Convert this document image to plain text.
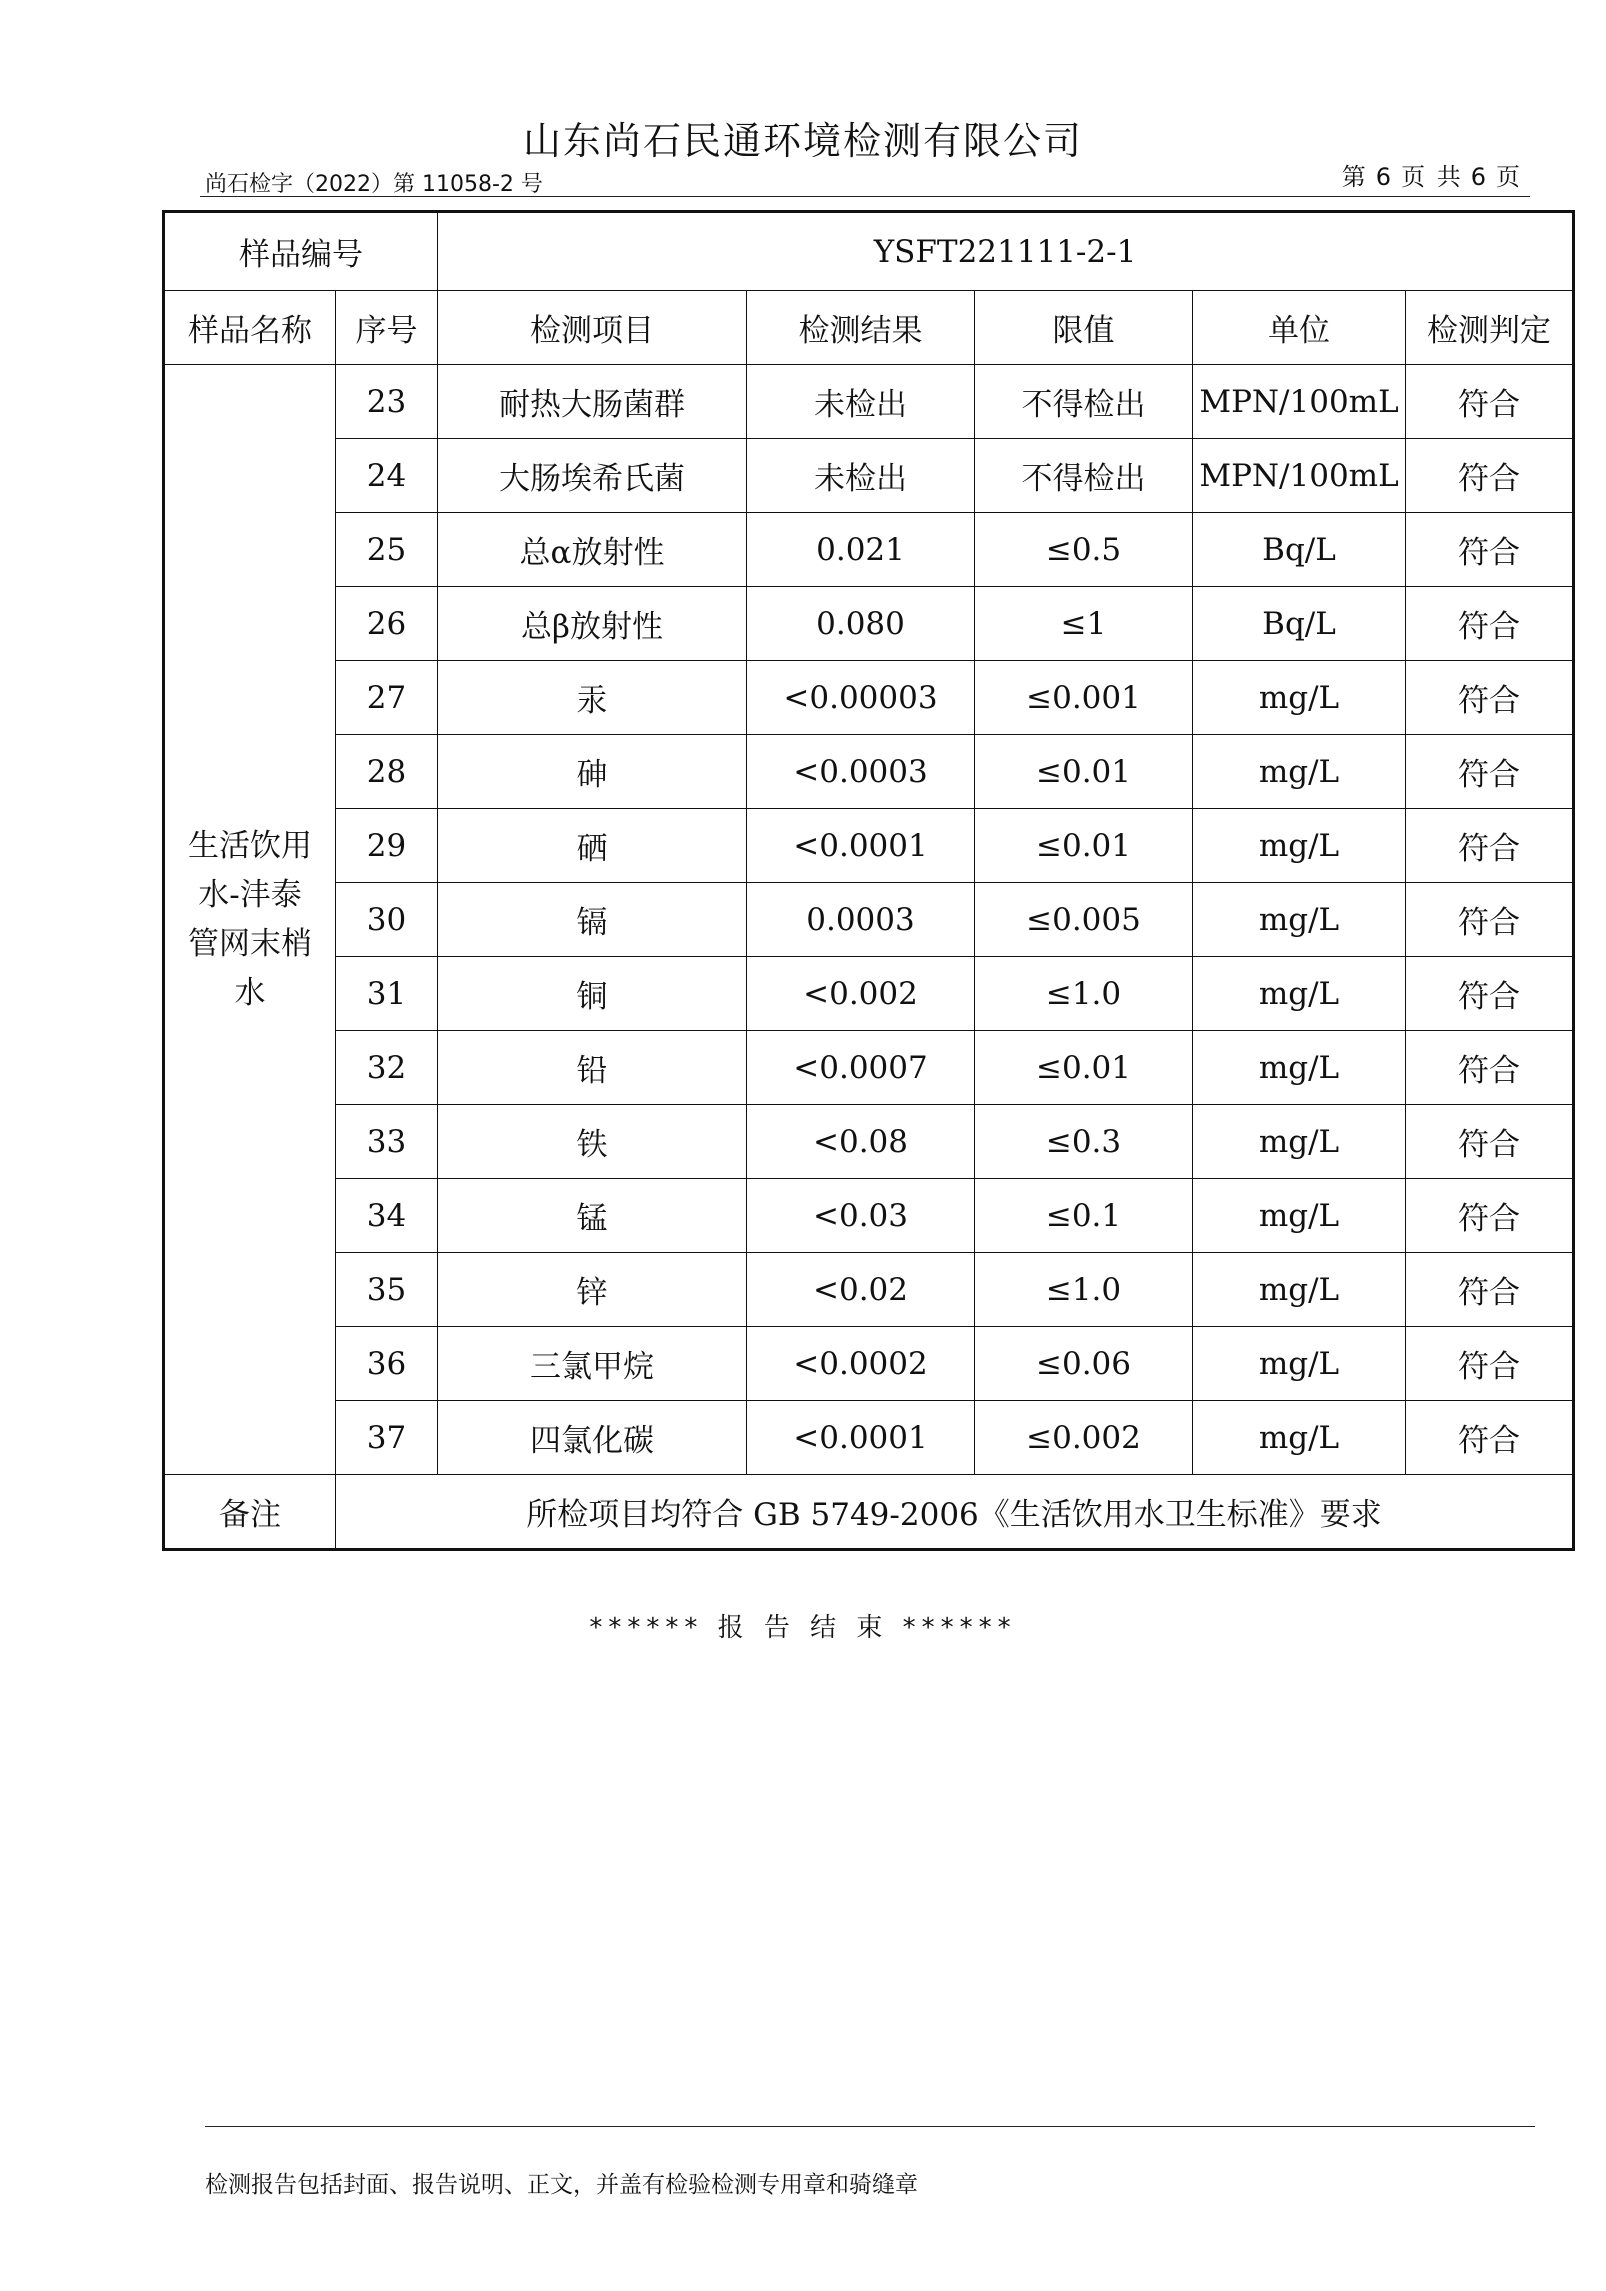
山东尚石民通环境检测有限公司
尚石检字（2022）第 11058-2 号	第 6 页 共 6 页
样品编号		YSFT221111-2-1				
样品名称	序号	检测项目	检测结果	限值	单位	检测判定

生活饮用
水-沣泰
管网末梢
水	23	耐热大肠菌群	未检出	不得检出	MPN/100mL	符合
	24	大肠埃希氏菌	未检出	不得检出	MPN/100mL	符合
	25	总α放射性	0.021	≤0.5	Bq/L	符合
	26	总β放射性	0.080	≤1	Bq/L	符合
	27	汞	<0.00003	≤0.001	mg/L	符合
	28	砷	<0.0003	≤0.01	mg/L	符合
	29	硒	<0.0001	≤0.01	mg/L	符合
	30	镉	0.0003	≤0.005	mg/L	符合
	31	铜	<0.002	≤1.0	mg/L	符合
	32	铅	<0.0007	≤0.01	mg/L	符合
	33	铁	<0.08	≤0.3	mg/L	符合
	34	锰	<0.03	≤0.1	mg/L	符合
	35	锌	<0.02	≤1.0	mg/L	符合
	36	三氯甲烷	<0.0002	≤0.06	mg/L	符合
	37	四氯化碳	<0.0001	≤0.002	mg/L	符合
备注	所检项目均符合 GB 5749-2006《生活饮用水卫生标准》要求					
****** 报 告 结 束 ******
检测报告包括封面、报告说明、正文，并盖有检验检测专用章和骑缝章
